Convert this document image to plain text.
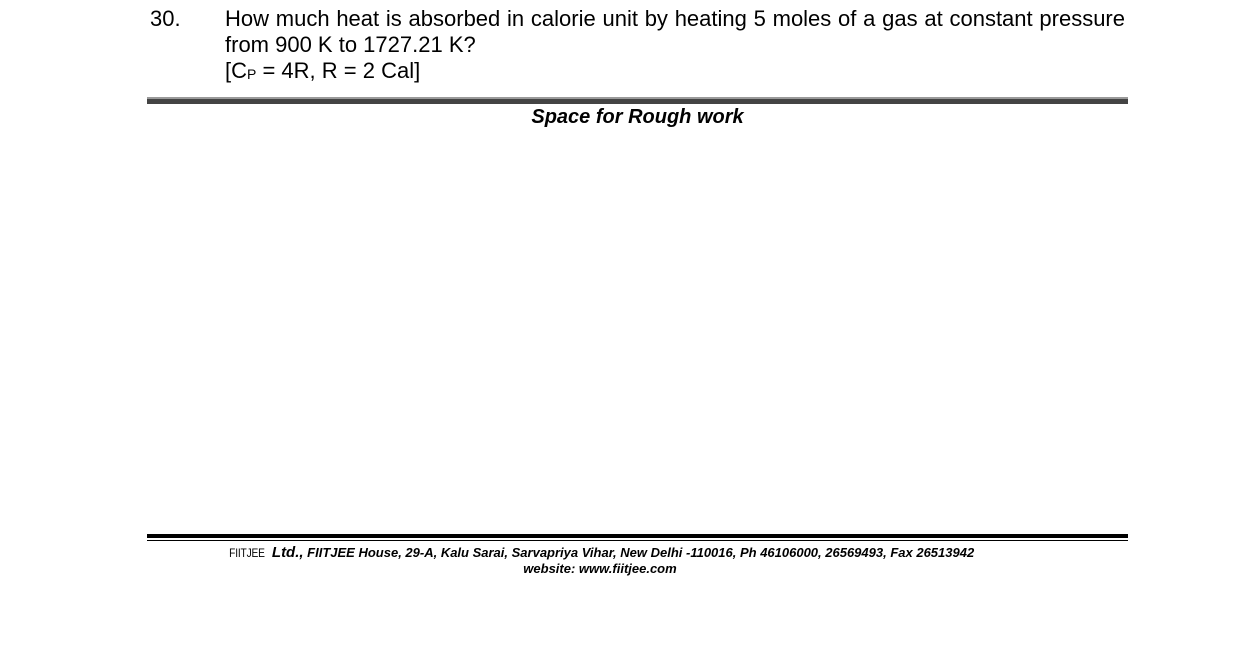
30. How much heat is absorbed in calorie unit by heating 5 moles of a gas at constant pressure from 900 K to 1727.21 K?

[$C_P = 4R$, R = 2 Cal]

Space for Rough work
FIITJEE Ltd., FIITJEE House, 29-A, Kalu Sarai, Sarvapriya Vihar, New Delhi -110016, Ph 46106000, 26569493, Fax 26513942
website: www.fiitjee.com
